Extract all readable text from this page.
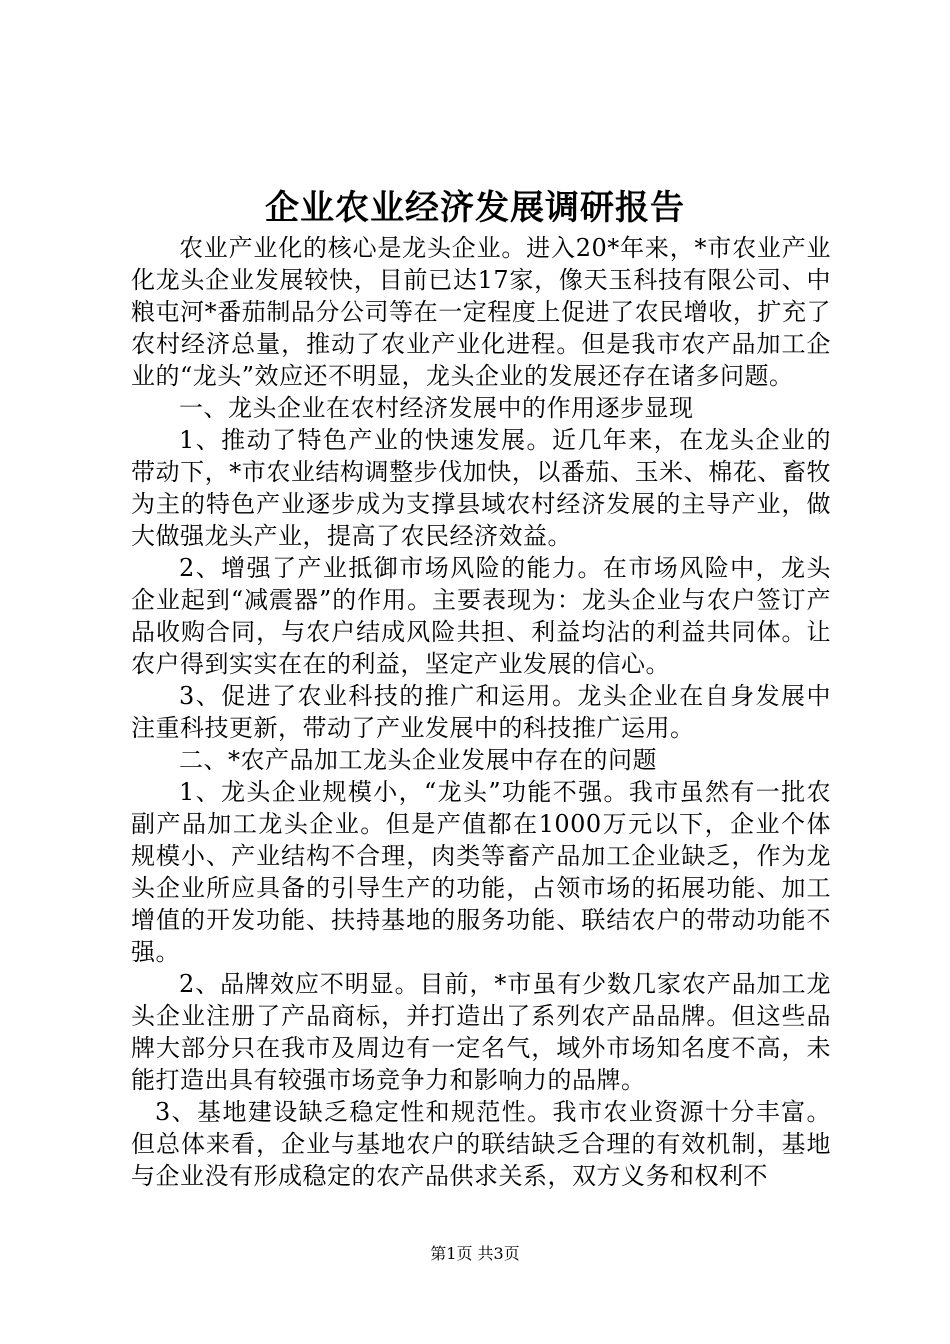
企业农业经济发展调研报告

农业产业化的核心是龙头企业。进入20*年来，*市农业产业化龙头企业发展较快，目前已达17家，像天玉科技有限公司、中粮屯河*番茄制品分公司等在一定程度上促进了农民增收，扩充了农村经济总量，推动了农业产业化进程。但是我市农产品加工企业的“龙头”效应还不明显，龙头企业的发展还存在诸多问题。

一、龙头企业在农村经济发展中的作用逐步显现

1、推动了特色产业的快速发展。近几年来，在龙头企业的带动下，*市农业结构调整步伐加快，以番茄、玉米、棉花、畜牧为主的特色产业逐步成为支撑县域农村经济发展的主导产业，做大做强龙头产业，提高了农民经济效益。

2、增强了产业抵御市场风险的能力。在市场风险中，龙头企业起到“减震器”的作用。主要表现为：龙头企业与农户签订产品收购合同，与农户结成风险共担、利益均沾的利益共同体。让农户得到实实在在的利益，坚定产业发展的信心。

3、促进了农业科技的推广和运用。龙头企业在自身发展中注重科技更新，带动了产业发展中的科技推广运用。

二、*农产品加工龙头企业发展中存在的问题

1、龙头企业规模小，“龙头”功能不强。我市虽然有一批农副产品加工龙头企业。但是产值都在1000万元以下，企业个体规模小、产业结构不合理，肉类等畜产品加工企业缺乏，作为龙头企业所应具备的引导生产的功能，占领市场的拓展功能、加工增值的开发功能、扶持基地的服务功能、联结农户的带动功能不强。

2、品牌效应不明显。目前，*市虽有少数几家农产品加工龙头企业注册了产品商标，并打造出了系列农产品品牌。但这些品牌大部分只在我市及周边有一定名气，域外市场知名度不高，未能打造出具有较强市场竞争力和影响力的品牌。

3、基地建设缺乏稳定性和规范性。我市农业资源十分丰富。但总体来看，企业与基地农户的联结缺乏合理的有效机制，基地与企业没有形成稳定的农产品供求关系，双方义务和权利不

第1页 共3页
